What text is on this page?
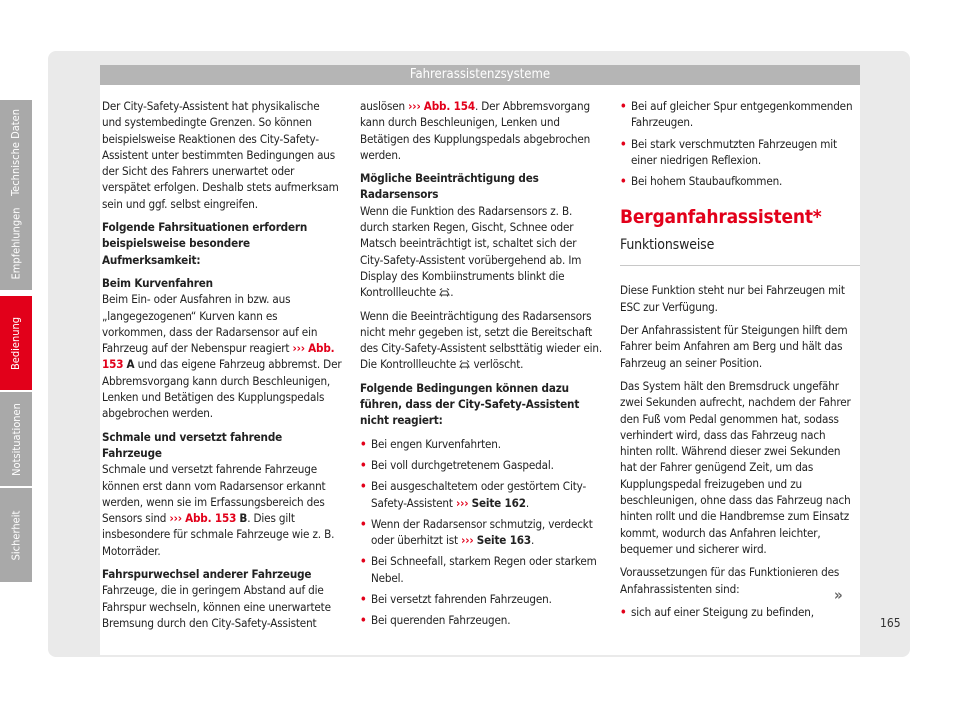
Fahrerassistenzsysteme

Der City-Safety-Assistent hat physikalische und systembedingte Grenzen. So können beispielsweise Reaktionen des City-Safety-Assistent unter bestimmten Bedingungen aus der Sicht des Fahrers unerwartet oder verspätet erfolgen. Deshalb stets aufmerksam sein und ggf. selbst eingreifen.

Folgende Fahrsituationen erfordern beispielsweise besondere Aufmerksamkeit:

Beim Kurvenfahren

Beim Ein- oder Ausfahren in bzw. aus „langegezogenen“ Kurven kann es vorkommen, dass der Radarsensor auf ein Fahrzeug auf der Nebenspur reagiert ››› Abb. 153 A und das eigene Fahrzeug abbremst. Der Abbremsvorgang kann durch Beschleunigen, Lenken und Betätigen des Kupplungspedals abgebrochen werden.

Schmale und versetzt fahrende Fahrzeuge

Schmale und versetzt fahrende Fahrzeuge können erst dann vom Radarsensor erkannt werden, wenn sie im Erfassungsbereich des Sensors sind ››› Abb. 153 B. Dies gilt insbesondere für schmale Fahrzeuge wie z. B. Motorräder.

Fahrspurwechsel anderer Fahrzeuge

Fahrzeuge, die in geringem Abstand auf die Fahrspur wechseln, können eine unerwartete Bremsung durch den City-Safety-Assistent

auslösen ››› Abb. 154. Der Abbremsvorgang kann durch Beschleunigen, Lenken und Betätigen des Kupplungspedals abgebrochen werden.

Mögliche Beeinträchtigung des Radarsensors

Wenn die Funktion des Radarsensors z. B. durch starken Regen, Gischt, Schnee oder Matsch beeinträchtigt ist, schaltet sich der City-Safety-Assistent vorübergehend ab. Im Display des Kombiinstruments blinkt die Kontrollleuchte .

Wenn die Beeinträchtigung des Radarsensors nicht mehr gegeben ist, setzt die Bereitschaft des City-Safety-Assistent selbsttätig wieder ein. Die Kontrollleuchte  verlöscht.

Folgende Bedingungen können dazu führen, dass der City-Safety-Assistent nicht reagiert:

• Bei engen Kurvenfahrten.
• Bei voll durchgetretenem Gaspedal.
• Bei ausgeschaltetem oder gestörtem City-Safety-Assistent ››› Seite 162.
• Wenn der Radarsensor schmutzig, verdeckt oder überhitzt ist ››› Seite 163.
• Bei Schneefall, starkem Regen oder starkem Nebel.
• Bei versetzt fahrenden Fahrzeugen.
• Bei querenden Fahrzeugen.
• Bei auf gleicher Spur entgegenkommenden Fahrzeugen.
• Bei stark verschmutzten Fahrzeugen mit einer niedrigen Reflexion.
• Bei hohem Staubaufkommen.
Berganfahrassistent*
Funktionsweise

Diese Funktion steht nur bei Fahrzeugen mit ESC zur Verfügung.

Der Anfahrassistent für Steigungen hilft dem Fahrer beim Anfahren am Berg und hält das Fahrzeug an seiner Position.

Das System hält den Bremsdruck ungefähr zwei Sekunden aufrecht, nachdem der Fahrer den Fuß vom Pedal genommen hat, sodass verhindert wird, dass das Fahrzeug nach hinten rollt. Während dieser zwei Sekunden hat der Fahrer genügend Zeit, um das Kupplungspedal freizugeben und zu beschleunigen, ohne dass das Fahrzeug nach hinten rollt und die Handbremse zum Einsatz kommt, wodurch das Anfahren leichter, bequemer und sicherer wird.

Voraussetzungen für das Funktionieren des Anfahrassistenten sind:

• sich auf einer Steigung zu befinden,
»
Technische Daten
Empfehlungen
Bedienung
Notsituationen
Sicherheit
165
